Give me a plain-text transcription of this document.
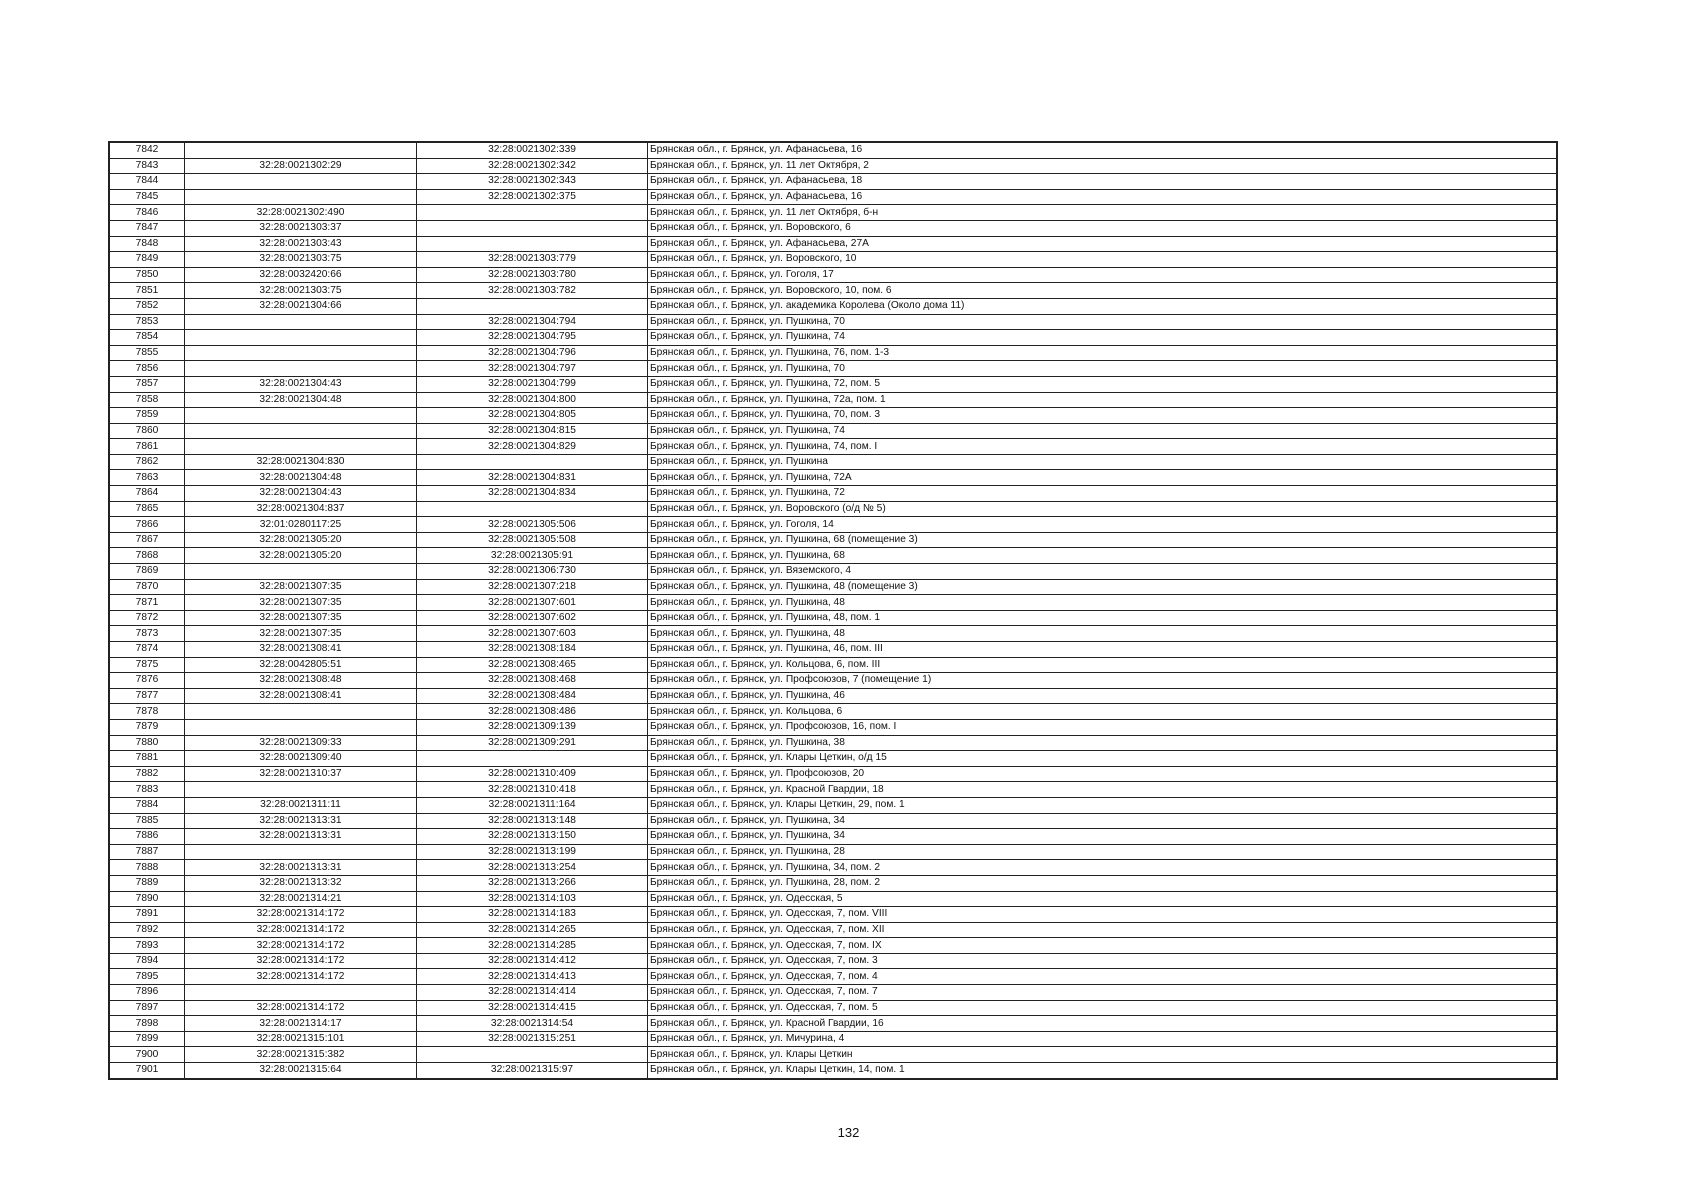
7842		32:28:0021302:339	Брянская обл., г. Брянск, ул. Афанасьева, 16
7843	32:28:0021302:29	32:28:0021302:342	Брянская обл., г. Брянск, ул. 11 лет Октября, 2
7844		32:28:0021302:343	Брянская обл., г. Брянск, ул. Афанасьева, 18
7845		32:28:0021302:375	Брянская обл., г. Брянск, ул. Афанасьева, 16
7846	32:28:0021302:490		Брянская обл., г. Брянск, ул. 11 лет Октября, б-н
7847	32:28:0021303:37		Брянская обл., г. Брянск, ул. Воровского, 6
7848	32:28:0021303:43		Брянская обл., г. Брянск, ул. Афанасьева, 27А
7849	32:28:0021303:75	32:28:0021303:779	Брянская обл., г. Брянск, ул. Воровского, 10
7850	32:28:0032420:66	32:28:0021303:780	Брянская обл., г. Брянск, ул. Гоголя, 17
7851	32:28:0021303:75	32:28:0021303:782	Брянская обл., г. Брянск, ул. Воровского, 10, пом. 6
7852	32:28:0021304:66		Брянская обл., г. Брянск, ул. академика Королева (Около дома 11)
7853		32:28:0021304:794	Брянская обл., г. Брянск, ул. Пушкина, 70
7854		32:28:0021304:795	Брянская обл., г. Брянск, ул. Пушкина, 74
7855		32:28:0021304:796	Брянская обл., г. Брянск, ул. Пушкина, 76, пом. 1-3
7856		32:28:0021304:797	Брянская обл., г. Брянск, ул. Пушкина, 70
7857	32:28:0021304:43	32:28:0021304:799	Брянская обл., г. Брянск, ул. Пушкина, 72, пом. 5
7858	32:28:0021304:48	32:28:0021304:800	Брянская обл., г. Брянск, ул. Пушкина, 72а, пом. 1
7859		32:28:0021304:805	Брянская обл., г. Брянск, ул. Пушкина, 70, пом. 3
7860		32:28:0021304:815	Брянская обл., г. Брянск, ул. Пушкина, 74
7861		32:28:0021304:829	Брянская обл., г. Брянск, ул. Пушкина, 74, пом. I
7862	32:28:0021304:830		Брянская обл., г. Брянск, ул. Пушкина
7863	32:28:0021304:48	32:28:0021304:831	Брянская обл., г. Брянск, ул. Пушкина, 72А
7864	32:28:0021304:43	32:28:0021304:834	Брянская обл., г. Брянск, ул. Пушкина, 72
7865	32:28:0021304:837		Брянская обл., г. Брянск, ул. Воровского (о/д № 5)
7866	32:01:0280117:25	32:28:0021305:506	Брянская обл., г. Брянск, ул. Гоголя, 14
7867	32:28:0021305:20	32:28:0021305:508	Брянская обл., г. Брянск, ул. Пушкина, 68 (помещение 3)
7868	32:28:0021305:20	32:28:0021305:91	Брянская обл., г. Брянск, ул. Пушкина, 68
7869		32:28:0021306:730	Брянская обл., г. Брянск, ул. Вяземского, 4
7870	32:28:0021307:35	32:28:0021307:218	Брянская обл., г. Брянск, ул. Пушкина, 48 (помещение 3)
7871	32:28:0021307:35	32:28:0021307:601	Брянская обл., г. Брянск, ул. Пушкина, 48
7872	32:28:0021307:35	32:28:0021307:602	Брянская обл., г. Брянск, ул. Пушкина, 48, пом. 1
7873	32:28:0021307:35	32:28:0021307:603	Брянская обл., г. Брянск, ул. Пушкина, 48
7874	32:28:0021308:41	32:28:0021308:184	Брянская обл., г. Брянск, ул. Пушкина, 46, пом. III
7875	32:28:0042805:51	32:28:0021308:465	Брянская обл., г. Брянск, ул. Кольцова, 6, пом. III
7876	32:28:0021308:48	32:28:0021308:468	Брянская обл., г. Брянск, ул. Профсоюзов, 7 (помещение 1)
7877	32:28:0021308:41	32:28:0021308:484	Брянская обл., г. Брянск, ул. Пушкина, 46
7878		32:28:0021308:486	Брянская обл., г. Брянск, ул. Кольцова, 6
7879		32:28:0021309:139	Брянская обл., г. Брянск, ул. Профсоюзов, 16, пом. I
7880	32:28:0021309:33	32:28:0021309:291	Брянская обл., г. Брянск, ул. Пушкина, 38
7881	32:28:0021309:40		Брянская обл., г. Брянск, ул. Клары Цеткин, о/д 15
7882	32:28:0021310:37	32:28:0021310:409	Брянская обл., г. Брянск, ул. Профсоюзов, 20
7883		32:28:0021310:418	Брянская обл., г. Брянск, ул. Красной Гвардии, 18
7884	32:28:0021311:11	32:28:0021311:164	Брянская обл., г. Брянск, ул. Клары Цеткин, 29, пом. 1
7885	32:28:0021313:31	32:28:0021313:148	Брянская обл., г. Брянск, ул. Пушкина, 34
7886	32:28:0021313:31	32:28:0021313:150	Брянская обл., г. Брянск, ул. Пушкина, 34
7887		32:28:0021313:199	Брянская обл., г. Брянск, ул. Пушкина, 28
7888	32:28:0021313:31	32:28:0021313:254	Брянская обл., г. Брянск, ул. Пушкина, 34, пом. 2
7889	32:28:0021313:32	32:28:0021313:266	Брянская обл., г. Брянск, ул. Пушкина, 28, пом. 2
7890	32:28:0021314:21	32:28:0021314:103	Брянская обл., г. Брянск, ул. Одесская, 5
7891	32:28:0021314:172	32:28:0021314:183	Брянская обл., г. Брянск, ул. Одесская, 7, пом. VIII
7892	32:28:0021314:172	32:28:0021314:265	Брянская обл., г. Брянск, ул. Одесская, 7, пом. XII
7893	32:28:0021314:172	32:28:0021314:285	Брянская обл., г. Брянск, ул. Одесская, 7, пом. IX
7894	32:28:0021314:172	32:28:0021314:412	Брянская обл., г. Брянск, ул. Одесская, 7, пом. 3
7895	32:28:0021314:172	32:28:0021314:413	Брянская обл., г. Брянск, ул. Одесская, 7, пом. 4
7896		32:28:0021314:414	Брянская обл., г. Брянск, ул. Одесская, 7, пом. 7
7897	32:28:0021314:172	32:28:0021314:415	Брянская обл., г. Брянск, ул. Одесская, 7, пом. 5
7898	32:28:0021314:17	32:28:0021314:54	Брянская обл., г. Брянск, ул. Красной Гвардии, 16
7899	32:28:0021315:101	32:28:0021315:251	Брянская обл., г. Брянск, ул. Мичурина, 4
7900	32:28:0021315:382		Брянская обл., г. Брянск, ул. Клары Цеткин
7901	32:28:0021315:64	32:28:0021315:97	Брянская обл., г. Брянск, ул. Клары Цеткин, 14, пом. 1
132
